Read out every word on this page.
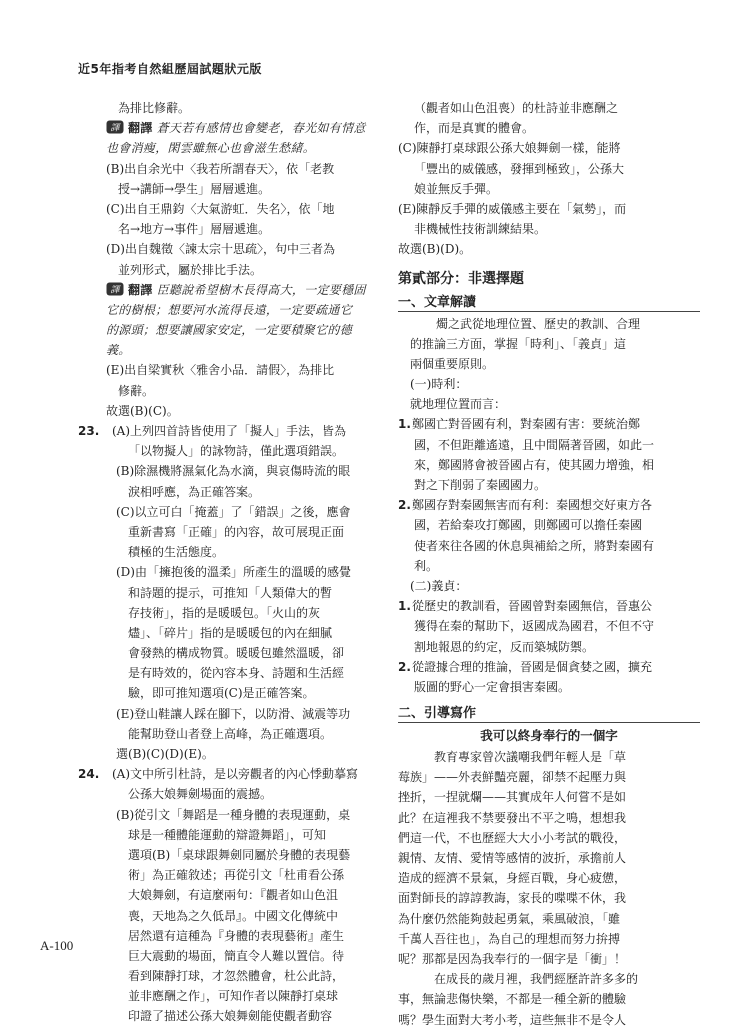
近5年指考自然組歷屆試題狀元版
為排比修辭。
譯 翻譯 蒼天若有感情也會變老，春光如有情意
也會消瘦，閑雲雖無心也會滋生愁緒。
(B)出自余光中〈我若所謂春天〉，依「老教
授→講師→學生」層層遞進。
(C)出自王鼎鈞〈大氣游虹．失名〉，依「地
名→地方→事件」層層遞進。
(D)出自魏徵〈諫太宗十思疏〉，句中三者為
並列形式，屬於排比手法。
譯 翻譯 臣聽說希望樹木長得高大，一定要穩固
它的樹根；想要河水流得長遠，一定要疏通它
的源頭；想要讓國家安定，一定要積聚它的德
義。
(E)出自梁實秋〈雅舍小品．請假〉，為排比
修辭。
故選(B)(C)。
23. (A)上列四首詩皆使用了「擬人」手法，皆為
「以物擬人」的詠物詩，僅此選項錯誤。
(B)除濕機將濕氣化為水滴，與哀傷時流的眼
淚相呼應，為正確答案。
(C)以立可白「掩蓋」了「錯誤」之後，應會
重新書寫「正確」的內容，故可展現正面
積極的生活態度。
(D)由「擁抱後的溫柔」所產生的溫暖的感覺
和詩題的提示，可推知「人類偉大的暫
存技術」，指的是暖暖包。「火山的灰
燼」、「碎片」指的是暖暖包的內在細膩
會發熱的構成物質。暖暖包雖然溫暖，卻
是有時效的，從內容本身、詩題和生活經
驗，即可推知選項(C)是正確答案。
(E)登山鞋讓人踩在腳下，以防滑、減震等功
能幫助登山者登上高峰，為正確選項。
選(B)(C)(D)(E)。
24. (A)文中所引杜詩，是以旁觀者的內心悸動摹寫
公孫大娘舞劍場面的震撼。
(B)從引文「舞蹈是一種身體的表現運動，桌
球是一種體能運動的辯證舞蹈」，可知
選項(B)「桌球跟舞劍同屬於身體的表現藝
術」為正確敘述；再從引文「杜甫看公孫
大娘舞劍，有這麼兩句：『觀者如山色沮
喪，天地為之久低昂』。中國文化傳統中
居然還有這種為『身體的表現藝術』產生
巨大震動的場面，簡直令人難以置信。待
看到陳靜打球，才忽然體會，杜公此詩，
並非應酬之作」，可知作者以陳靜打桌球
印證了描述公孫大娘舞劍能使觀者動容
（觀者如山色沮喪）的杜詩並非應酬之
作，而是真實的體會。
(C)陳靜打桌球跟公孫大娘舞劍一樣，能將
「豐出的威儀感，發揮到極致」，公孫大
娘並無反手彈。
(E)陳靜反手彈的威儀感主要在「氣勢」，而
非機械性技術訓練結果。
故選(B)(D)。
第貳部分：非選擇題
一、文章解讀
燭之武從地理位置、歷史的教訓、合理
的推論三方面，掌握「時利」、「義貞」這
兩個重要原則。
(一)時利：
就地理位置而言：
1.鄭國亡對晉國有利，對秦國有害：要統治鄭
國，不但距離遙遠，且中間隔著晉國，如此一
來，鄭國將會被晉國占有，使其國力增強，相
對之下削弱了秦國國力。
2.鄭國存對秦國無害而有利：秦國想交好東方各
國，若給秦攻打鄭國，則鄭國可以擔任秦國
使者來往各國的休息與補給之所，將對秦國有
利。
(二)義貞：
1.從歷史的教訓看，晉國曾對秦國無信，晉惠公
獲得在秦的幫助下，返國成為國君，不但不守
割地報恩的約定，反而築城防禦。
2.從證據合理的推論，晉國是個貪婪之國，擴充
版圖的野心一定會損害秦國。
二、引導寫作
我可以終身奉行的一個字
　教育專家曾次議嘲我們年輕人是「草
莓族」——外表鮮豔亮麗，卻禁不起壓力與
挫折，一捏就爛——其實成年人何嘗不是如
此？在這裡我不禁要發出不平之鳴，想想我
們這一代，不也歷經大大小小考試的戰役，
親情、友情、愛情等感情的波折，承擔前人
造成的經濟不景氣，身經百戰，身心疲憊，
面對師長的諄諄教誨，家長的喋喋不休，我
為什麼仍然能夠鼓起勇氣，乘風破浪，「雖
千萬人吾往也」，為自己的理想而努力拚搏
呢？那都是因為我奉行的一個字是「衝」！
　在成長的歲月裡，我們經歷許許多多的
事，無論悲傷快樂，不都是一種全新的體驗
嗎？學生面對大考小考，這些無非不是令人
A-100
